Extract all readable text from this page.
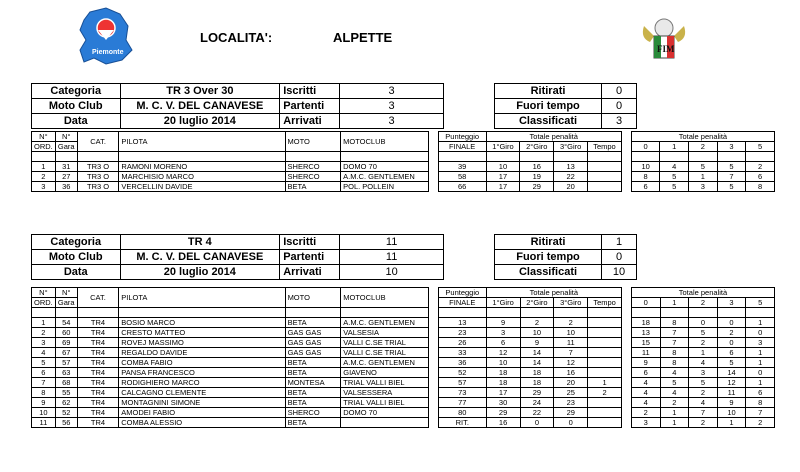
Piemonte	FIM
LOCALITA':	ALPETTE
Categoria	TR 3 Over 30	Iscritti	3
Moto Club	M. C. V. DEL CANAVESE	Partenti	3
Data	20 luglio 2014	Arrivati	3
Ritirati	0
Fuori tempo	0
Classificati	3
N°	N°	CAT.	PILOTA	MOTO	MOTOCLUB		Punteggio	Totale penalità					Totale penalità				
ORD.	Gara						FINALE	1°Giro	2°Giro	3°Giro	Tempo		0	1	2	3	5

1	31	TR3 O	RAMONI MORENO	SHERCO	DOMO 70		39	10	16	13			10	4	5	5	2
2	27	TR3 O	MARCHISIO MARCO	SHERCO	A.M.C. GENTLEMEN		58	17	19	22			8	5	1	7	6
3	36	TR3 O	VERCELLIN DAVIDE	BETA	POL. POLLEIN		66	17	29	20			6	5	3	5	8
Categoria	TR 4	Iscritti	11
Moto Club	M. C. V. DEL CANAVESE	Partenti	11
Data	20 luglio 2014	Arrivati	10
Ritirati	1
Fuori tempo	0
Classificati	10
N°	N°	CAT.	PILOTA	MOTO	MOTOCLUB		Punteggio	Totale penalità					Totale penalità				
ORD.	Gara						FINALE	1°Giro	2°Giro	3°Giro	Tempo		0	1	2	3	5

1	54	TR4	BOSIO MARCO	BETA	A.M.C. GENTLEMEN		13	9	2	2			18	8	0	0	1
2	60	TR4	CRESTO MATTEO	GAS GAS	VALSESIA		23	3	10	10			13	7	5	2	0
3	69	TR4	ROVEJ MASSIMO	GAS GAS	VALLI C.SE TRIAL		26	6	9	11			15	7	2	0	3
4	67	TR4	REGALDO DAVIDE	GAS GAS	VALLI C.SE TRIAL		33	12	14	7			11	8	1	6	1
5	57	TR4	COMBA FABIO	BETA	A.M.C. GENTLEMEN		36	10	14	12			9	8	4	5	1
6	63	TR4	PANSA FRANCESCO	BETA	GIAVENO		52	18	18	16			6	4	3	14	0
7	68	TR4	RODIGHIERO MARCO	MONTESA	TRIAL VALLI BIEL		57	18	18	20	1		4	5	5	12	1
8	55	TR4	CALCAGNO CLEMENTE	BETA	VALSESSERA		73	17	29	25	2		4	4	2	11	6
9	62	TR4	MONTAGNINI SIMONE	BETA	TRIAL VALLI BIEL		77	30	24	23			4	2	4	9	8
10	52	TR4	AMODEI FABIO	SHERCO	DOMO 70		80	29	22	29			2	1	7	10	7
11	56	TR4	COMBA ALESSIO	BETA			RIT.	16	0	0			3	1	2	1	2
